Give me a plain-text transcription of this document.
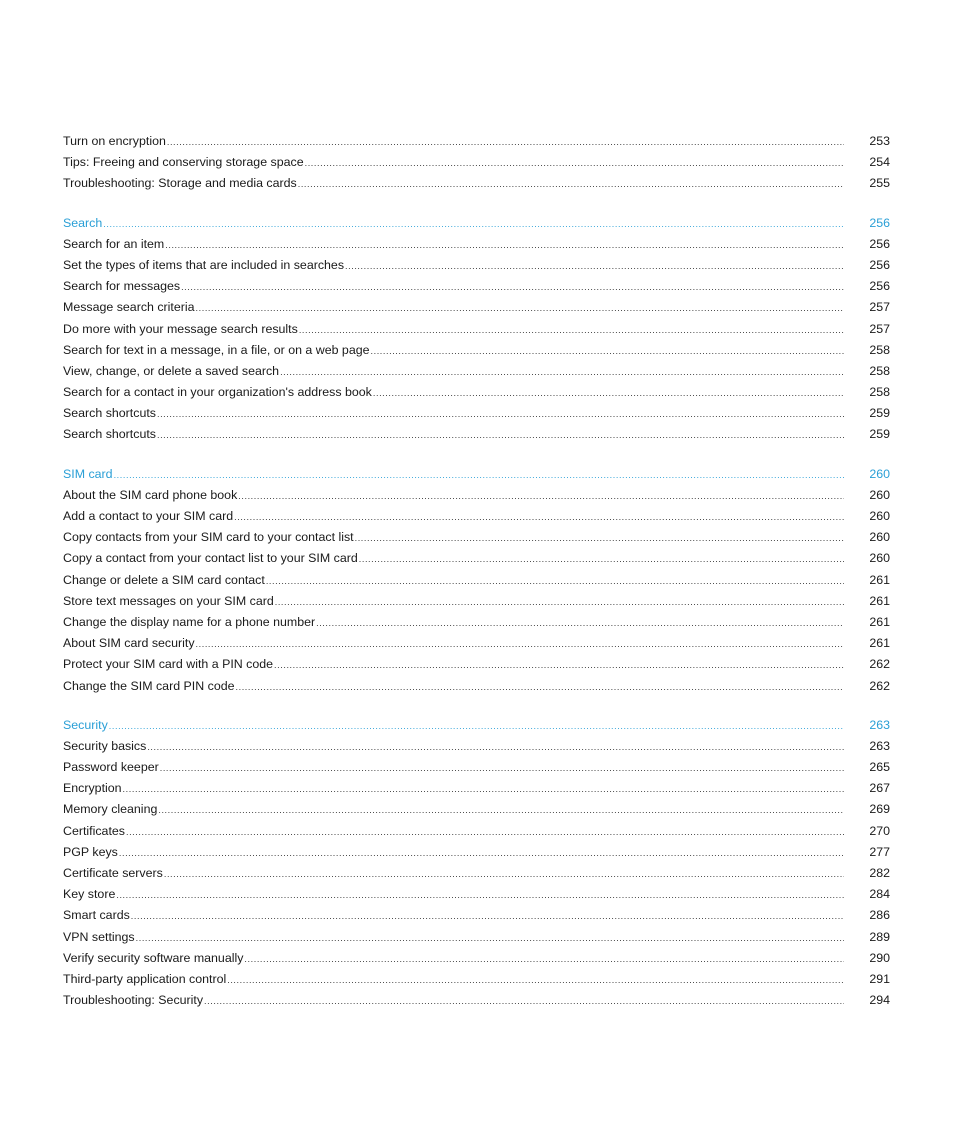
Turn on encryption .....	253
Tips: Freeing and conserving storage space .....	254
Troubleshooting: Storage and media cards .....	255
Search .....	256
Search for an item .....	256
Set the types of items that are included in searches .....	256
Search for messages .....	256
Message search criteria .....	257
Do more with your message search results .....	257
Search for text in a message, in a file, or on a web page .....	258
View, change, or delete a saved search .....	258
Search for a contact in your organization's address book .....	258
Search shortcuts .....	259
Search shortcuts .....	259
SIM card .....	260
About the SIM card phone book .....	260
Add a contact to your SIM card .....	260
Copy contacts from your SIM card to your contact list .....	260
Copy a contact from your contact list to your SIM card .....	260
Change or delete a SIM card contact .....	261
Store text messages on your SIM card .....	261
Change the display name for a phone number .....	261
About SIM card security .....	261
Protect your SIM card with a PIN code .....	262
Change the SIM card PIN code .....	262
Security .....	263
Security basics .....	263
Password keeper .....	265
Encryption .....	267
Memory cleaning .....	269
Certificates .....	270
PGP keys .....	277
Certificate servers .....	282
Key store .....	284
Smart cards .....	286
VPN settings .....	289
Verify security software manually .....	290
Third-party application control .....	291
Troubleshooting: Security .....	294
